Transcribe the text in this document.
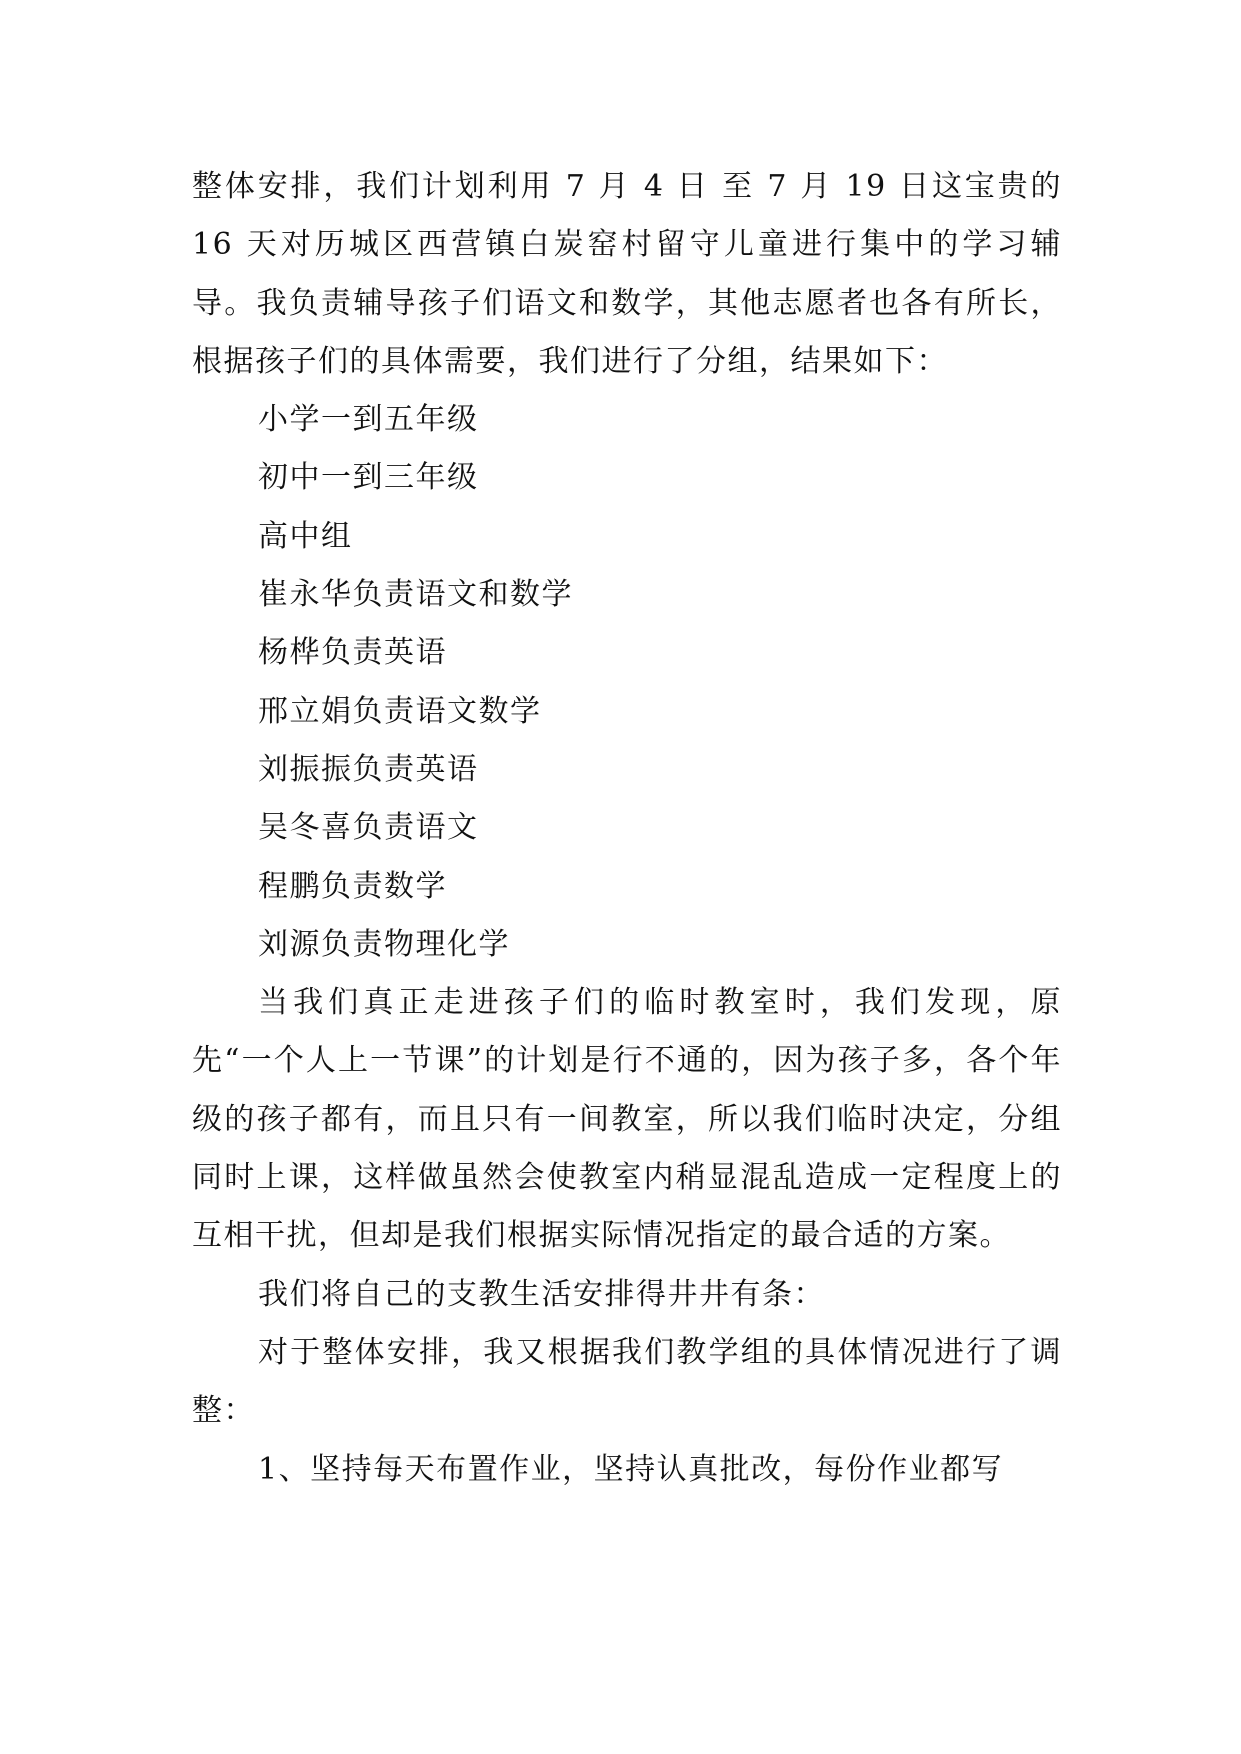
整体安排，我们计划利用 7 月 4 日 至 7 月 19 日这宝贵的 16 天对历城区西营镇白炭窑村留守儿童进行集中的学习辅导。我负责辅导孩子们语文和数学，其他志愿者也各有所长，根据孩子们的具体需要，我们进行了分组，结果如下：

小学一到五年级
初中一到三年级
高中组
崔永华负责语文和数学
杨桦负责英语
邢立娟负责语文数学
刘振振负责英语
吴冬喜负责语文
程鹏负责数学
刘源负责物理化学

当我们真正走进孩子们的临时教室时，我们发现，原先“一个人上一节课”的计划是行不通的，因为孩子多，各个年级的孩子都有，而且只有一间教室，所以我们临时决定，分组同时上课，这样做虽然会使教室内稍显混乱造成一定程度上的互相干扰，但却是我们根据实际情况指定的最合适的方案。

我们将自己的支教生活安排得井井有条：

对于整体安排，我又根据我们教学组的具体情况进行了调整：

1、坚持每天布置作业，坚持认真批改，每份作业都写
